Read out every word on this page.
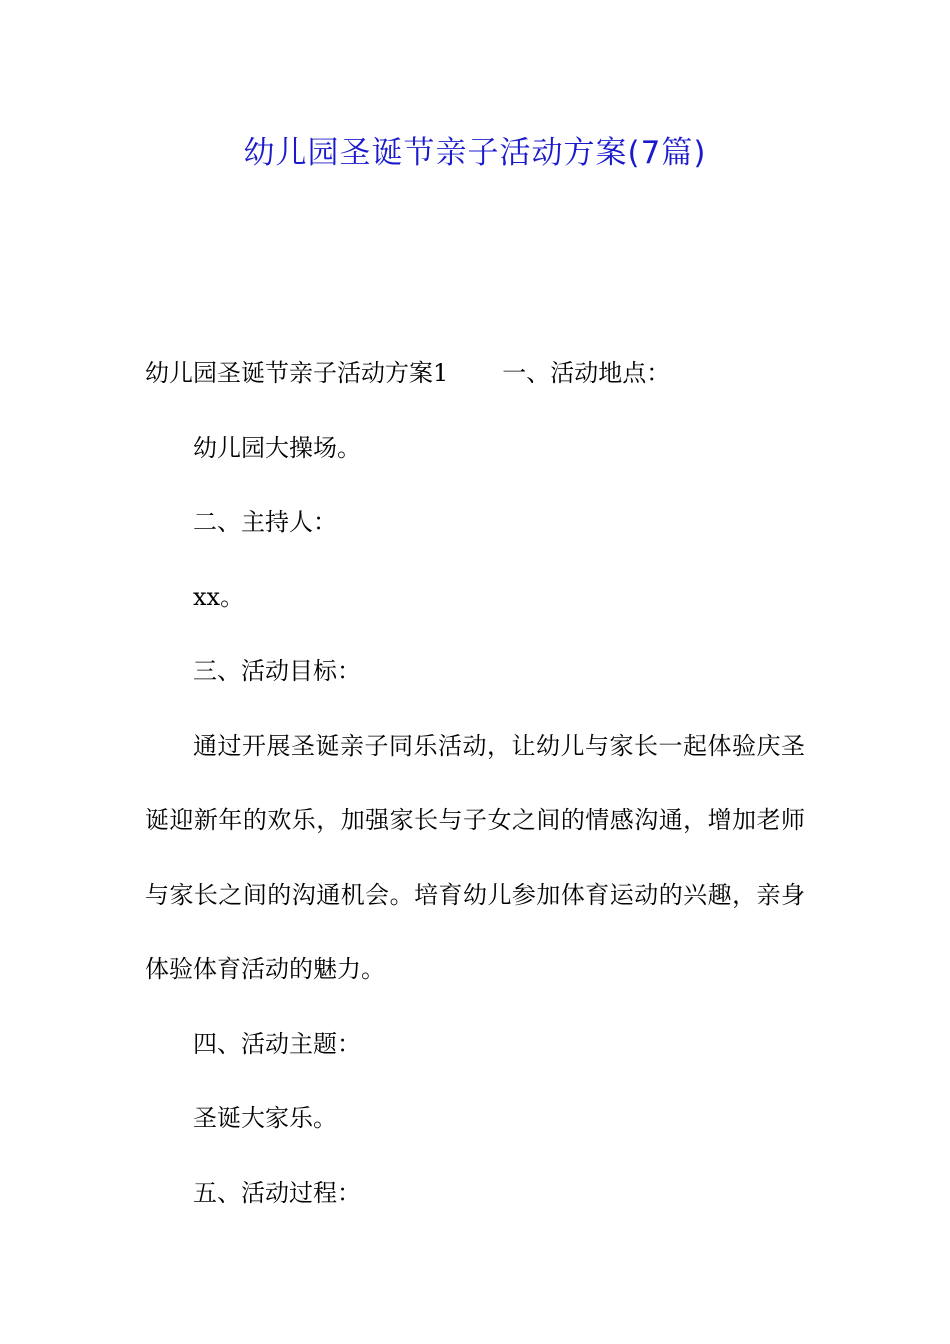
幼儿园圣诞节亲子活动方案(7篇)

幼儿园圣诞节亲子活动方案1 一、活动地点：

幼儿园大操场。

二、主持人：

xx。

三、活动目标：

通过开展圣诞亲子同乐活动，让幼儿与家长一起体验庆圣诞迎新年的欢乐，加强家长与子女之间的情感沟通，增加老师与家长之间的沟通机会。培育幼儿参加体育运动的兴趣，亲身体验体育活动的魅力。

四、活动主题：

圣诞大家乐。

五、活动过程：
